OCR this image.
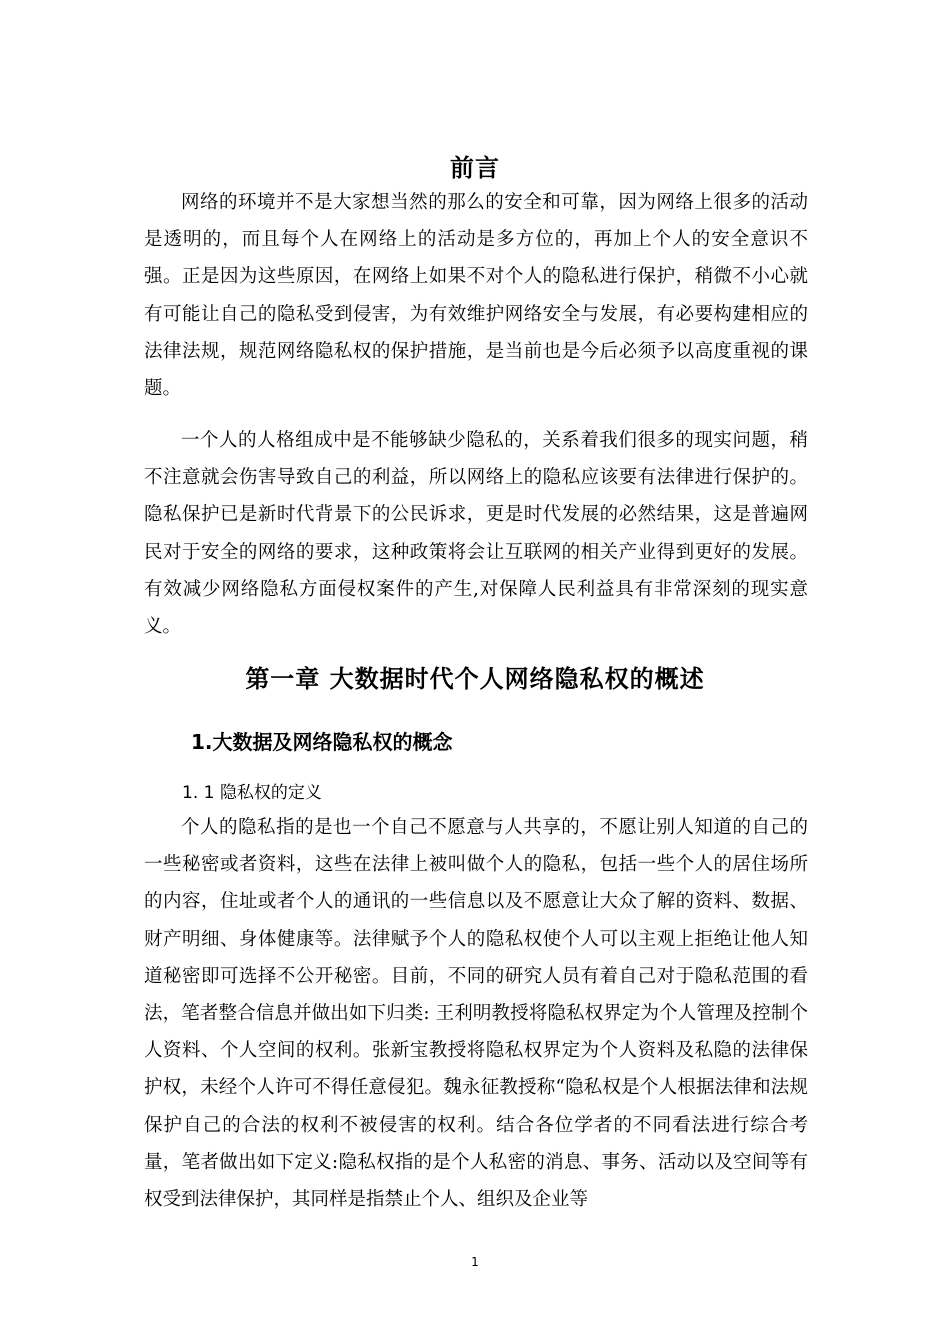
前言

网络的环境并不是大家想当然的那么的安全和可靠，因为网络上很多的活动是透明的，而且每个人在网络上的活动是多方位的，再加上个人的安全意识不强。正是因为这些原因，在网络上如果不对个人的隐私进行保护，稍微不小心就有可能让自己的隐私受到侵害，为有效维护网络安全与发展，有必要构建相应的法律法规，规范网络隐私权的保护措施，是当前也是今后必须予以高度重视的课题。

一个人的人格组成中是不能够缺少隐私的，关系着我们很多的现实问题，稍不注意就会伤害导致自己的利益，所以网络上的隐私应该要有法律进行保护的。隐私保护已是新时代背景下的公民诉求，更是时代发展的必然结果，这是普遍网民对于安全的网络的要求，这种政策将会让互联网的相关产业得到更好的发展。有效减少网络隐私方面侵权案件的产生,对保障人民利益具有非常深刻的现实意义。

第一章 大数据时代个人网络隐私权的概述
1.大数据及网络隐私权的概念
1. 1 隐私权的定义

个人的隐私指的是也一个自己不愿意与人共享的，不愿让别人知道的自己的一些秘密或者资料，这些在法律上被叫做个人的隐私，包括一些个人的居住场所的内容，住址或者个人的通讯的一些信息以及不愿意让大众了解的资料、数据、财产明细、身体健康等。法律赋予个人的隐私权使个人可以主观上拒绝让他人知道秘密即可选择不公开秘密。目前，不同的研究人员有着自己对于隐私范围的看法，笔者整合信息并做出如下归类: 王利明教授将隐私权界定为个人管理及控制个人资料、个人空间的权利。张新宝教授将隐私权界定为个人资料及私隐的法律保护权，未经个人许可不得任意侵犯。魏永征教授称“隐私权是个人根据法律和法规保护自己的合法的权利不被侵害的权利。结合各位学者的不同看法进行综合考量，笔者做出如下定义:隐私权指的是个人私密的消息、事务、活动以及空间等有权受到法律保护，其同样是指禁止个人、组织及企业等

1
